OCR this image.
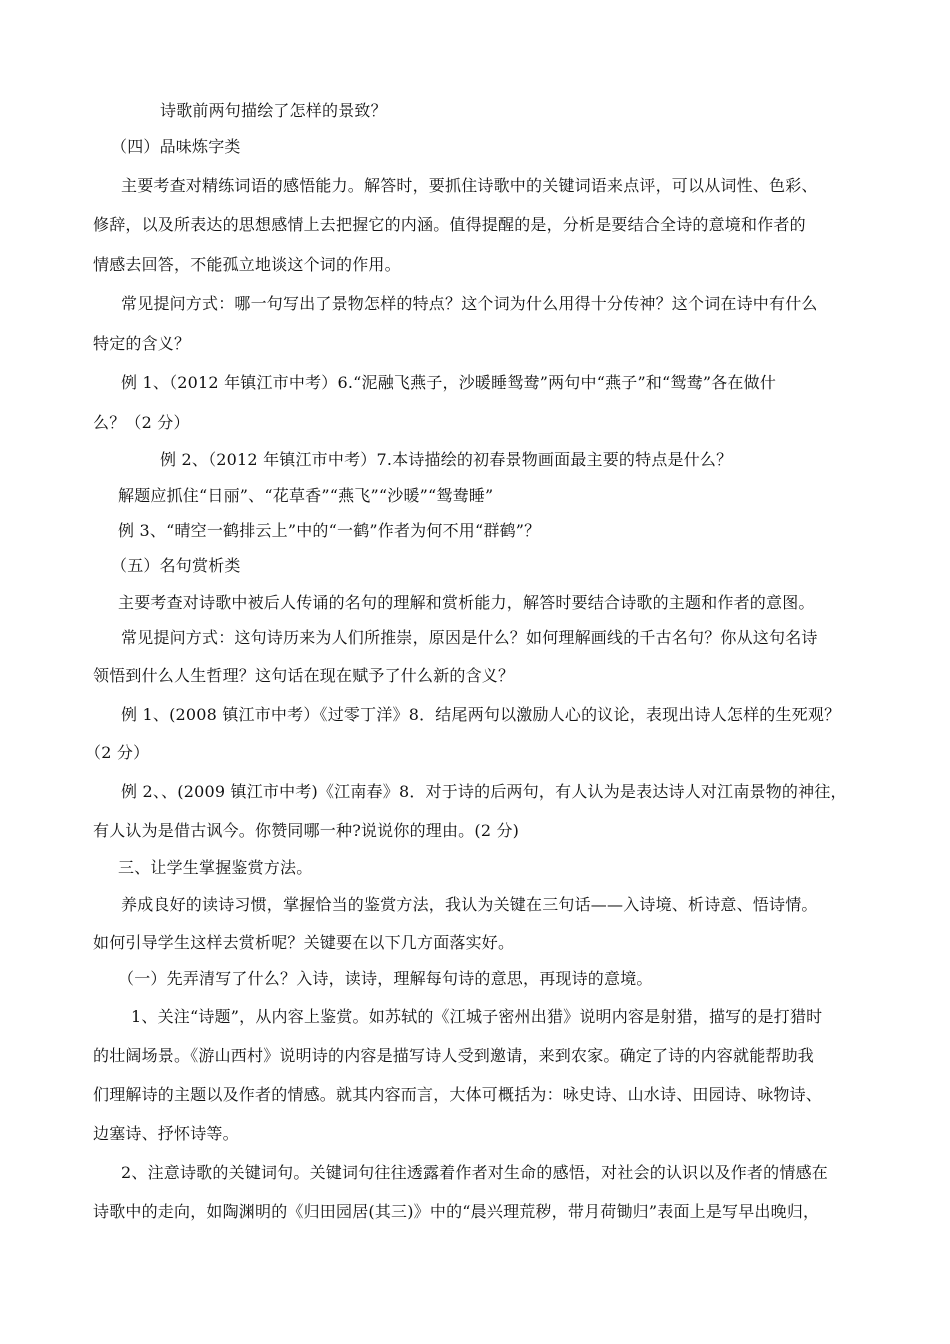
诗歌前两句描绘了怎样的景致？
（四）品味炼字类
主要考查对精练词语的感悟能力。解答时，要抓住诗歌中的关键词语来点评，可以从词性、色彩、
修辞，以及所表达的思想感情上去把握它的内涵。值得提醒的是，分析是要结合全诗的意境和作者的
情感去回答，不能孤立地谈这个词的作用。
常见提问方式：哪一句写出了景物怎样的特点？这个词为什么用得十分传神？这个词在诗中有什么
特定的含义？
例 1、（2012 年镇江市中考）6.“泥融飞燕子，沙暖睡鸳鸯”两句中“燕子”和“鸳鸯”各在做什
么？（2 分）
例 2、（2012 年镇江市中考）7.本诗描绘的初春景物画面最主要的特点是什么？
解题应抓住“日丽”、“花草香”“燕飞”“沙暖”“鸳鸯睡”
例 3、“晴空一鹤排云上”中的“一鹤”作者为何不用“群鹤”？
（五）名句赏析类
主要考查对诗歌中被后人传诵的名句的理解和赏析能力，解答时要结合诗歌的主题和作者的意图。
常见提问方式：这句诗历来为人们所推崇，原因是什么？如何理解画线的千古名句？你从这句名诗
领悟到什么人生哲理？这句话在现在赋予了什么新的含义？
例 1、(2008 镇江市中考）《过零丁洋》8．结尾两句以激励人心的议论，表现出诗人怎样的生死观？
（2 分）
例 2、、(2009 镇江市中考)《江南春》8．对于诗的后两句，有人认为是表达诗人对江南景物的神往，
有人认为是借古讽今。你赞同哪一种?说说你的理由。(2 分)
三、让学生掌握鉴赏方法。
养成良好的读诗习惯，掌握恰当的鉴赏方法，我认为关键在三句话——入诗境、析诗意、悟诗情。
如何引导学生这样去赏析呢？关键要在以下几方面落实好。
（一）先弄清写了什么？入诗，读诗，理解每句诗的意思，再现诗的意境。
1、关注“诗题”，从内容上鉴赏。如苏轼的《江城子密州出猎》说明内容是射猎，描写的是打猎时
的壮阔场景。《游山西村》说明诗的内容是描写诗人受到邀请，来到农家。确定了诗的内容就能帮助我
们理解诗的主题以及作者的情感。就其内容而言，大体可概括为：咏史诗、山水诗、田园诗、咏物诗、
边塞诗、抒怀诗等。
2、注意诗歌的关键词句。关键词句往往透露着作者对生命的感悟，对社会的认识以及作者的情感在
诗歌中的走向，如陶渊明的《归田园居(其三)》中的“晨兴理荒秽，带月荷锄归”表面上是写早出晚归，
